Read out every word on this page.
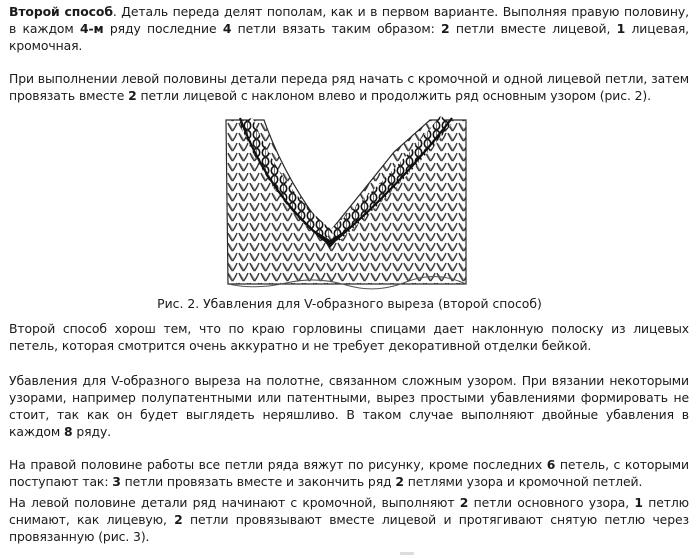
Второй способ. Деталь переда делят пополам, как и в первом варианте. Выполняя правую половину, в каждом 4-м ряду последние 4 петли вязать таким образом: 2 петли вместе лицевой, 1 лицевая, кромочная.

При выполнении левой половины детали переда ряд начать с кромочной и одной лицевой петли, затем провязать вместе 2 петли лицевой с наклоном влево и продолжить ряд основным узором (рис. 2).

Рис. 2. Убавления для V-образного выреза (второй способ)

Второй способ хорош тем, что по краю горловины спицами дает наклонную полоску из лицевых петель, которая смотрится очень аккуратно и не требует декоративной отделки бейкой.

Убавления для V-образного выреза на полотне, связанном сложным узором. При вязании некоторыми узорами, например полупатентными или патентными, вырез простыми убавлениями формировать не стоит, так как он будет выглядеть неряшливо. В таком случае выполняют двойные убавления в каждом 8 ряду.

На правой половине работы все петли ряда вяжут по рисунку, кроме последних 6 петель, с которыми поступают так: 3 петли провязать вместе и закончить ряд 2 петлями узора и кромочной петлей.

На левой половине детали ряд начинают с кромочной, выполняют 2 петли основного узора, 1 петлю снимают, как лицевую, 2 петли провязывают вместе лицевой и протягивают снятую петлю через провязанную (рис. 3).
